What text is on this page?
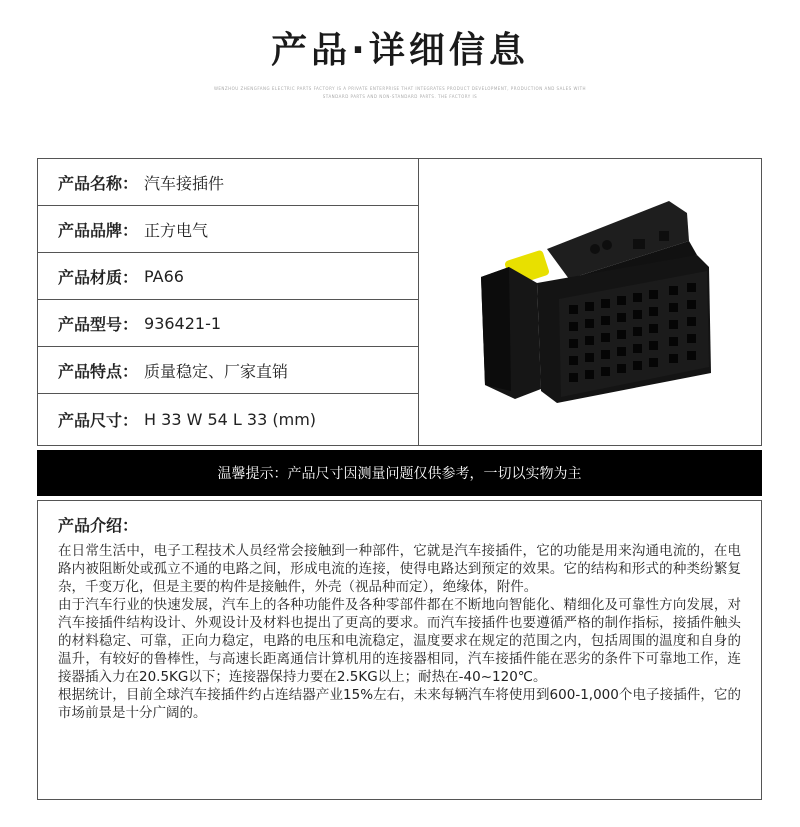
产品·详细信息
WENZHOU ZHENGFANG ELECTRIC PARTS FACTORY IS A PRIVATE ENTERPRISE THAT INTEGRATES PRODUCT DEVELOPMENT, PRODUCTION AND SALES WITH
STANDARD PARTS AND NON-STANDARD PARTS. THE FACTORY IS
产品名称： 汽车接插件
产品品牌： 正方电气
产品材质： PA66
产品型号： 936421-1
产品特点： 质量稳定、厂家直销
产品尺寸： H 33 W 54 L 33 (mm)
温馨提示：产品尺寸因测量问题仅供参考，一切以实物为主
产品介绍：

在日常生活中，电子工程技术人员经常会接触到一种部件，它就是汽车接插件，它的功能是用来沟通电流的，在电路内被阻断处或孤立不通的电路之间，形成电流的连接，使得电路达到预定的效果。它的结构和形式的种类纷繁复杂，千变万化，但是主要的构件是接触件，外壳（视品种而定），绝缘体，附件。

由于汽车行业的快速发展，汽车上的各种功能件及各种零部件都在不断地向智能化、精细化及可靠性方向发展，对汽车接插件结构设计、外观设计及材料也提出了更高的要求。而汽车接插件也要遵循严格的制作指标，接插件触头的材料稳定、可靠，正向力稳定，电路的电压和电流稳定，温度要求在规定的范围之内，包括周围的温度和自身的温升，有较好的鲁棒性，与高速长距离通信计算机用的连接器相同，汽车接插件能在恶劣的条件下可靠地工作，连接器插入力在20.5KG以下；连接器保持力要在2.5KG以上；耐热在-40~120℃。

根据统计，目前全球汽车接插件约占连结器产业15%左右，未来每辆汽车将使用到600-1,000个电子接插件，它的市场前景是十分广阔的。
